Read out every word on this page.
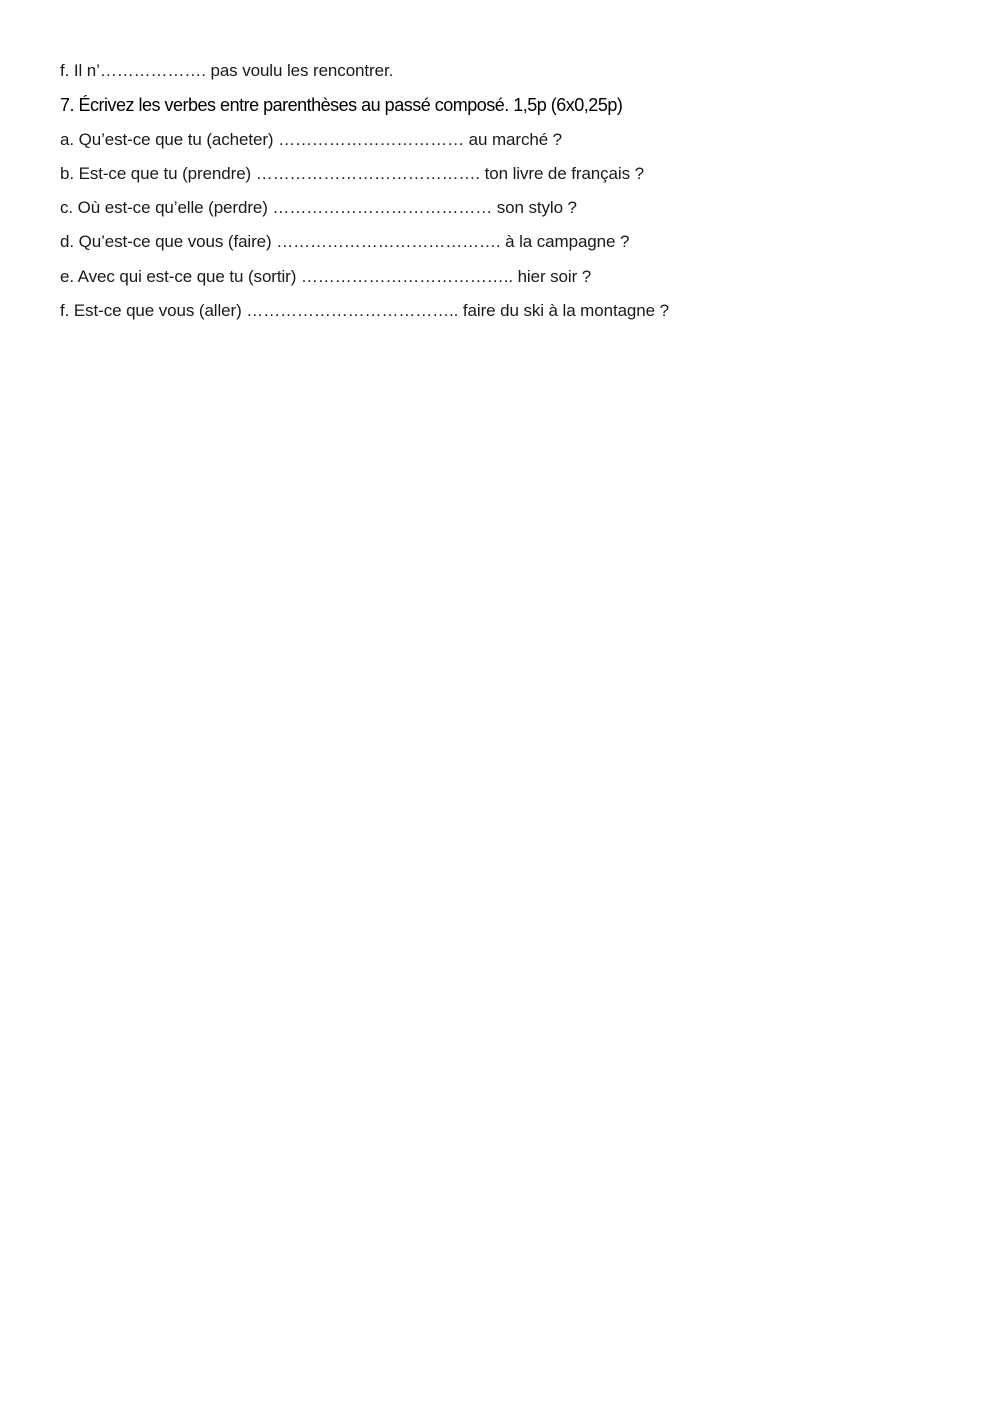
f. Il n’………………. pas voulu les rencontrer.
7. Écrivez les verbes entre parenthèses au passé composé. 1,5p (6x0,25p)
a. Qu’est-ce que tu (acheter) …………………………… au marché ?
b. Est-ce que tu (prendre) …………………………………. ton livre de français ?
c. Où est-ce qu’elle (perdre) ………………………………… son stylo ?
d. Qu’est-ce que vous (faire) …………………………………. à la campagne ?
e. Avec qui est-ce que tu (sortir) ……………………………….. hier soir ?
f. Est-ce que vous (aller) ……………………………….. faire du ski à la montagne ?
